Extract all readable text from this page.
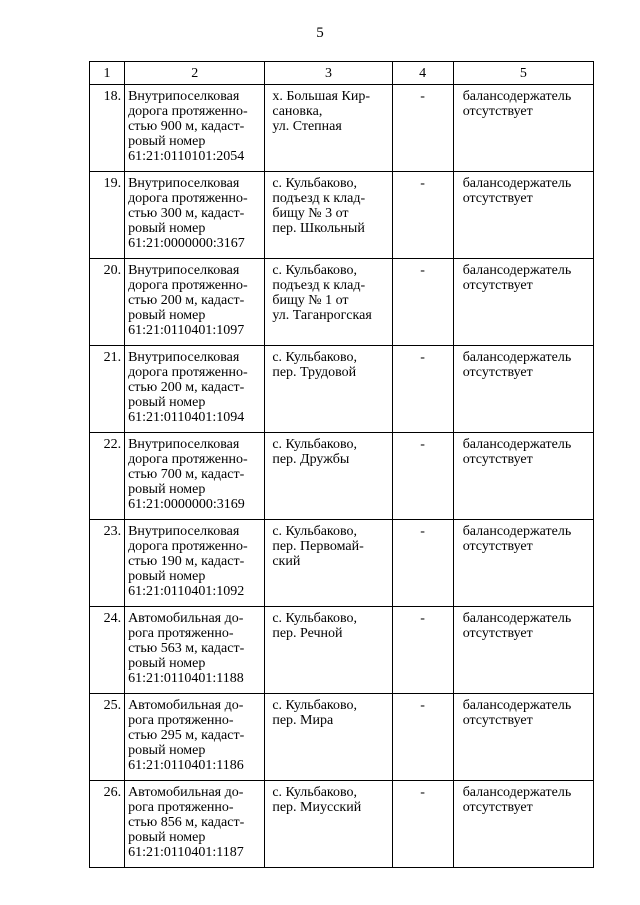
5
1	2	3	4	5
18.	Внутрипоселковая
дорога протяженно-
стью 900 м, кадаст-
ровый номер
61:21:0110101:2054	х. Большая Кир-
сановка,
ул. Степная	-	балансодержатель
отсутствует
19.	Внутрипоселковая
дорога протяженно-
стью 300 м, кадаст-
ровый номер
61:21:0000000:3167	с. Кульбаково,
подъезд к клад-
бищу № 3 от
пер. Школьный	-	балансодержатель
отсутствует
20.	Внутрипоселковая
дорога протяженно-
стью 200 м, кадаст-
ровый номер
61:21:0110401:1097	с. Кульбаково,
подъезд к клад-
бищу № 1 от
ул. Таганрогская	-	балансодержатель
отсутствует
21.	Внутрипоселковая
дорога протяженно-
стью 200 м, кадаст-
ровый номер
61:21:0110401:1094	с. Кульбаково,
пер. Трудовой	-	балансодержатель
отсутствует
22.	Внутрипоселковая
дорога протяженно-
стью 700 м, кадаст-
ровый номер
61:21:0000000:3169	с. Кульбаково,
пер. Дружбы	-	балансодержатель
отсутствует
23.	Внутрипоселковая
дорога протяженно-
стью 190 м, кадаст-
ровый номер
61:21:0110401:1092	с. Кульбаково,
пер. Первомай-
ский	-	балансодержатель
отсутствует
24.	Автомобильная до-
рога протяженно-
стью 563 м, кадаст-
ровый номер
61:21:0110401:1188	с. Кульбаково,
пер. Речной	-	балансодержатель
отсутствует
25.	Автомобильная до-
рога протяженно-
стью 295 м, кадаст-
ровый номер
61:21:0110401:1186	с. Кульбаково,
пер. Мира	-	балансодержатель
отсутствует
26.	Автомобильная до-
рога протяженно-
стью 856 м, кадаст-
ровый номер
61:21:0110401:1187	с. Кульбаково,
пер. Миусский	-	балансодержатель
отсутствует
